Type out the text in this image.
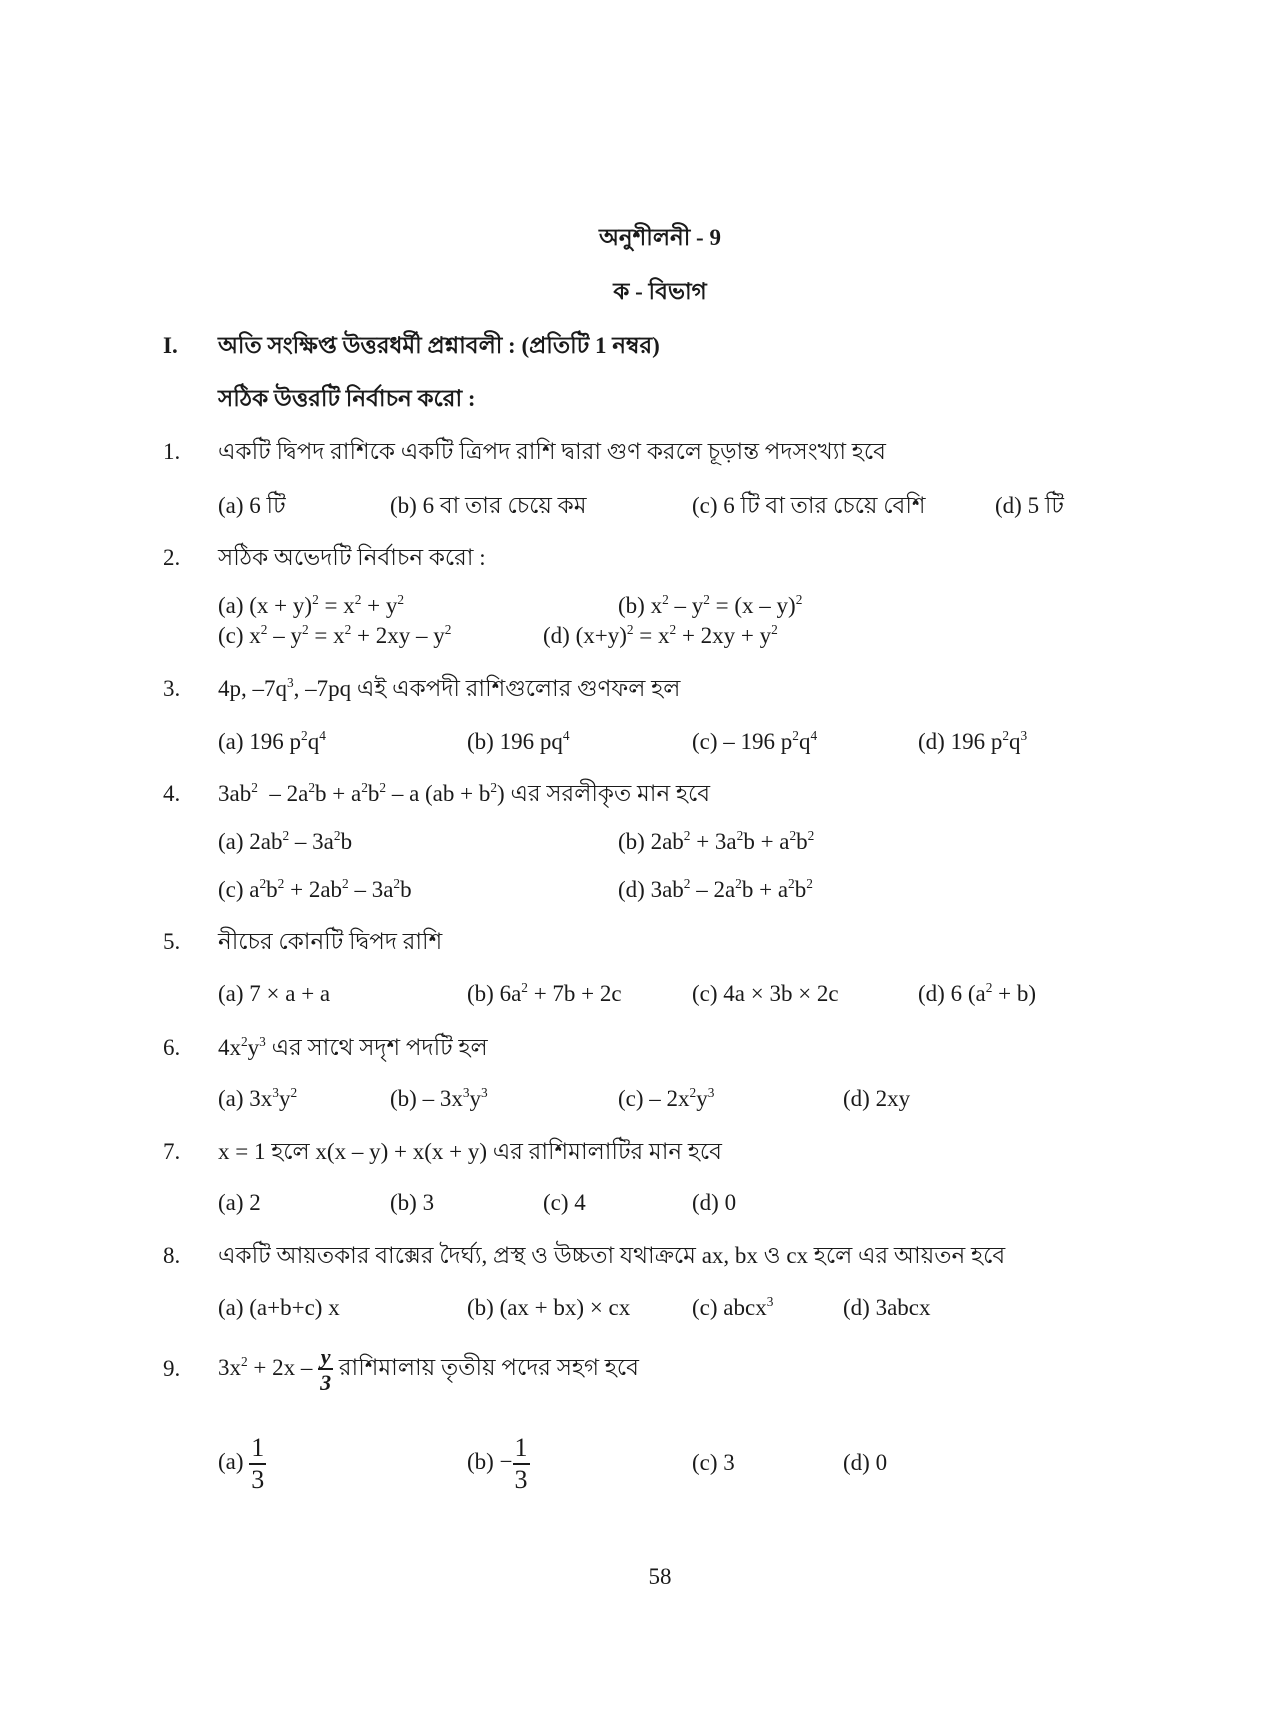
অনুশীলনী - 9
ক - বিভাগ
I. অতি সংক্ষিপ্ত উত্তরধর্মী প্রশ্নাবলী : (প্রতিটি 1 নম্বর)
সঠিক উত্তরটি নির্বাচন করো :
1. একটি দ্বিপদ রাশিকে একটি ত্রিপদ রাশি দ্বারা গুণ করলে চূড়ান্ত পদসংখ্যা হবে
(a) 6 টি	(b) 6 বা তার চেয়ে কম	(c) 6 টি বা তার চেয়ে বেশি	(d) 5 টি
2. সঠিক অভেদটি নির্বাচন করো :
(a) $(x + y)^2 = x^2 + y^2$	(b) $x^2 - y^2 = (x - y)^2$
(c) $x^2 - y^2 = x^2 + 2xy - y^2$	(d) $(x+y)^2 = x^2 + 2xy + y^2$
3. 4p, $-7q^3$, –7pq এই একপদী রাশিগুলোর গুণফল হল
(a) 196 $p^2q^4$	(b) 196 $pq^4$	(c) – 196 $p^2q^4$	(d) 196 $p^2q^3$
4. $3ab^2 - 2a^2b + a^2b^2 - a$ $(ab + b^2)$ এর সরলীকৃত মান হবে
(a) $2ab^2 - 3a^2b$	(b) $2ab^2 + 3a^2b + a^2b^2$
(c) $a^2b^2 + 2ab^2 - 3a^2b$	(d) $3ab^2 - 2a^2b + a^2b^2$
5. নীচের কোনটি দ্বিপদ রাশি
(a) 7 × a + a	(b) $6a^2 + 7b + 2c$	(c) 4a × 3b × 2c	(d) 6 $(a^2 + b)$
6. $4x^2y^3$ এর সাথে সদৃশ পদটি হল
(a) $3x^3y^2$	$(b) - 3x^3y^3$	$(c) - 2x^2y^3$	(d) 2xy
7. x = 1 হলে x(x – y) + x(x + y) এর রাশিমালাটির মান হবে
(a) 2	(b) 3	(c) 4	(d) 0
8. একটি আয়তকার বাক্সের দৈর্ঘ্য, প্রস্থ ও উচ্চতা যথাক্রমে ax, bx ও cx হলে এর আয়তন হবে
(a) (a+b+c) x	(b) (ax + bx) × cx	(c) abcx$^3$	(d) 3abcx
9. $3x^2 + 2x - \frac{y}{3}$ রাশিমালায় তৃতীয় পদের সহগ হবে
$(a) \frac{1}{3}$	$(b) - \frac{1}{3}$	(c) 3	(d) 0
58
